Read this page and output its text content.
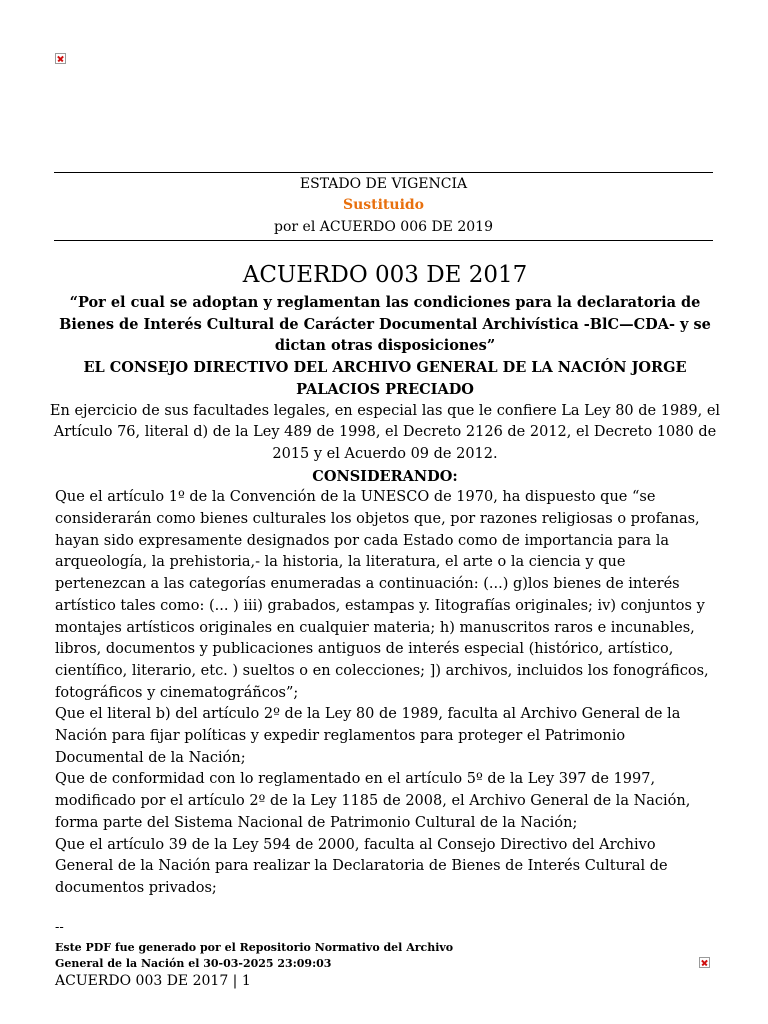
ESTADO DE VIGENCIA
Sustituido
por el ACUERDO 006 DE 2019
ACUERDO 003 DE 2017

“Por el cual se adoptan y reglamentan las condiciones para la declaratoria de Bienes de Interés Cultural de Carácter Documental Archivística -BlC—CDA- y se dictan otras disposiciones”

EL CONSEJO DIRECTIVO DEL ARCHIVO GENERAL DE LA NACIÓN JORGE PALACIOS PRECIADO

En ejercicio de sus facultades legales, en especial las que le confiere La Ley 80 de 1989, el Artículo 76, literal d) de la Ley 489 de 1998, el Decreto 2126 de 2012, el Decreto 1080 de 2015 y el Acuerdo 09 de 2012.

CONSIDERANDO:

Que el artículo 1º de la Convención de la UNESCO de 1970, ha dispuesto que “se considerarán como bienes culturales los objetos que, por razones religiosas o profanas, hayan sido expresamente designados por cada Estado como de importancia para la arqueología, la prehistoria,- la historia, la literatura, el arte o la ciencia y que pertenezcan a las categorías enumeradas a continuación: (...) g)los bienes de interés artístico tales como: (... ) iii) grabados, estampas y. Iitografías originales; iv) conjuntos y montajes artísticos originales en cualquier materia; h) manuscritos raros e incunables, libros, documentos y publicaciones antiguos de interés especial (histórico, artístico, científico, literario, etc. ) sueltos o en colecciones; ]) archivos, incluidos los fonográficos, fotográficos y cinematográñcos”;

Que el literal b) del artículo 2º de la Ley 80 de 1989, faculta al Archivo General de la Nación para fijar políticas y expedir reglamentos para proteger el Patrimonio Documental de la Nación;

Que de conformidad con lo reglamentado en el artículo 5º de la Ley 397 de 1997, modificado por el artículo 2º de la Ley 1185 de 2008, el Archivo General de la Nación, forma parte del Sistema Nacional de Patrimonio Cultural de la Nación;

Que el artículo 39 de la Ley 594 de 2000, faculta al Consejo Directivo del Archivo General de la Nación para realizar la Declaratoria de Bienes de Interés Cultural de documentos privados;

--
Este PDF fue generado por el Repositorio Normativo del Archivo General de la Nación el 30-03-2025 23:09:03
ACUERDO 003 DE 2017 | 1
